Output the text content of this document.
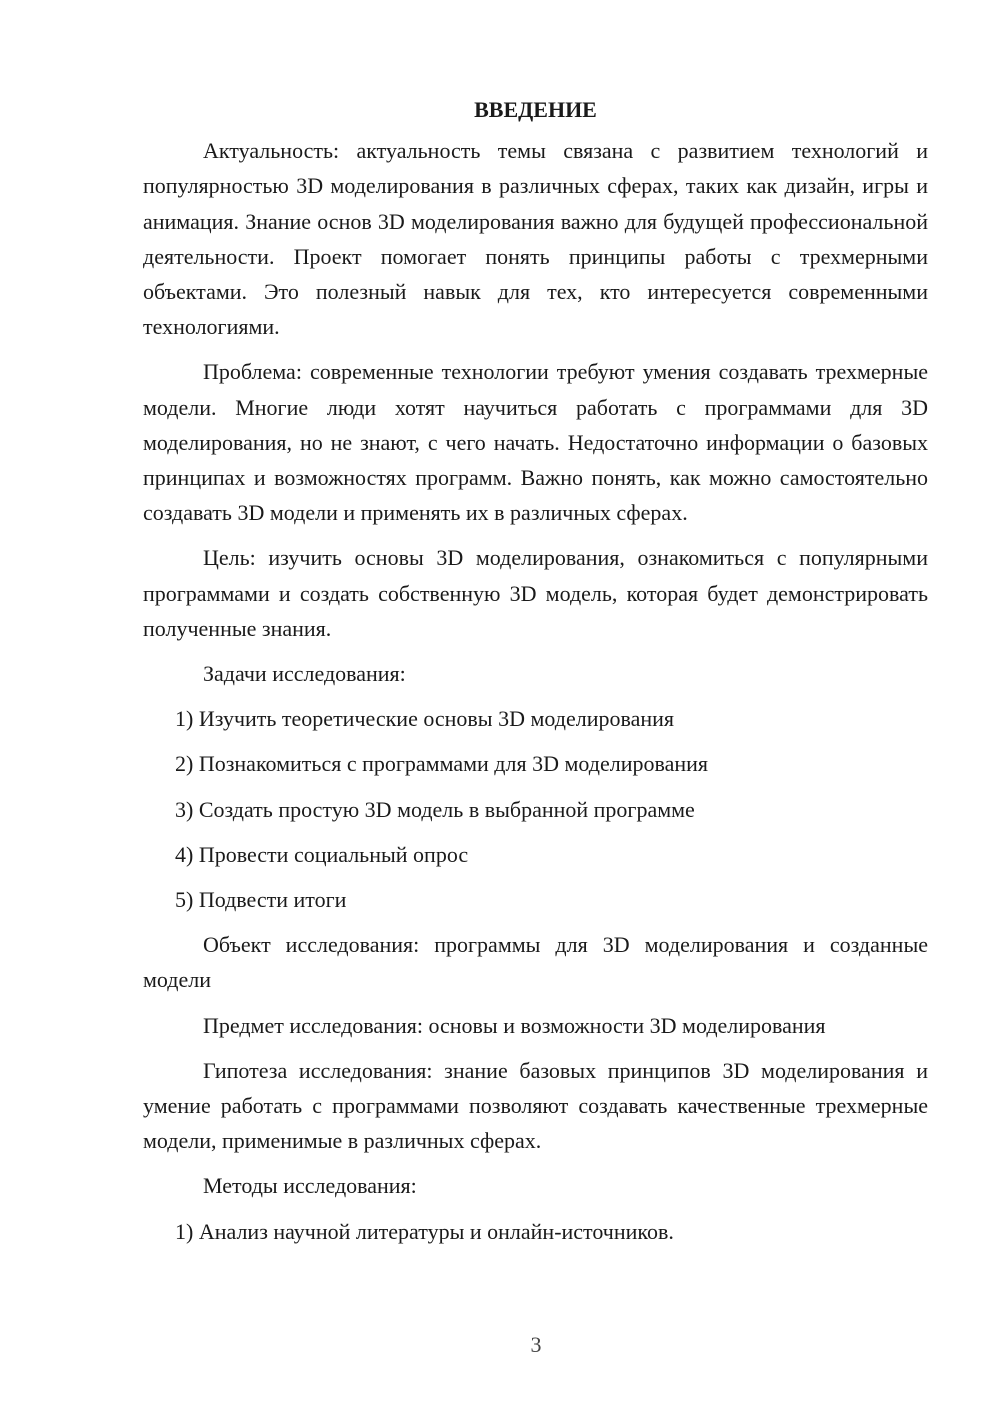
ВВЕДЕНИЕ
Актуальность: актуальность темы связана с развитием технологий и популярностью 3D моделирования в различных сферах, таких как дизайн, игры и анимация. Знание основ 3D моделирования важно для будущей профессиональной деятельности. Проект помогает понять принципы работы с трехмерными объектами. Это полезный навык для тех, кто интересуется современными технологиями.
Проблема: современные технологии требуют умения создавать трехмерные модели. Многие люди хотят научиться работать с программами для 3D моделирования, но не знают, с чего начать. Недостаточно информации о базовых принципах и возможностях программ. Важно понять, как можно самостоятельно создавать 3D модели и применять их в различных сферах.
Цель: изучить основы 3D моделирования, ознакомиться с популярными программами и создать собственную 3D модель, которая будет демонстрировать полученные знания.
Задачи исследования:
1) Изучить теоретические основы 3D моделирования
2) Познакомиться с программами для 3D моделирования
3) Создать простую 3D модель в выбранной программе
4) Провести социальный опрос
5) Подвести итоги
Объект исследования: программы для 3D моделирования и созданные модели
Предмет исследования: основы и возможности 3D моделирования
Гипотеза исследования: знание базовых принципов 3D моделирования и умение работать с программами позволяют создавать качественные трехмерные модели, применимые в различных сферах.
Методы исследования:
1) Анализ научной литературы и онлайн-источников.
3
